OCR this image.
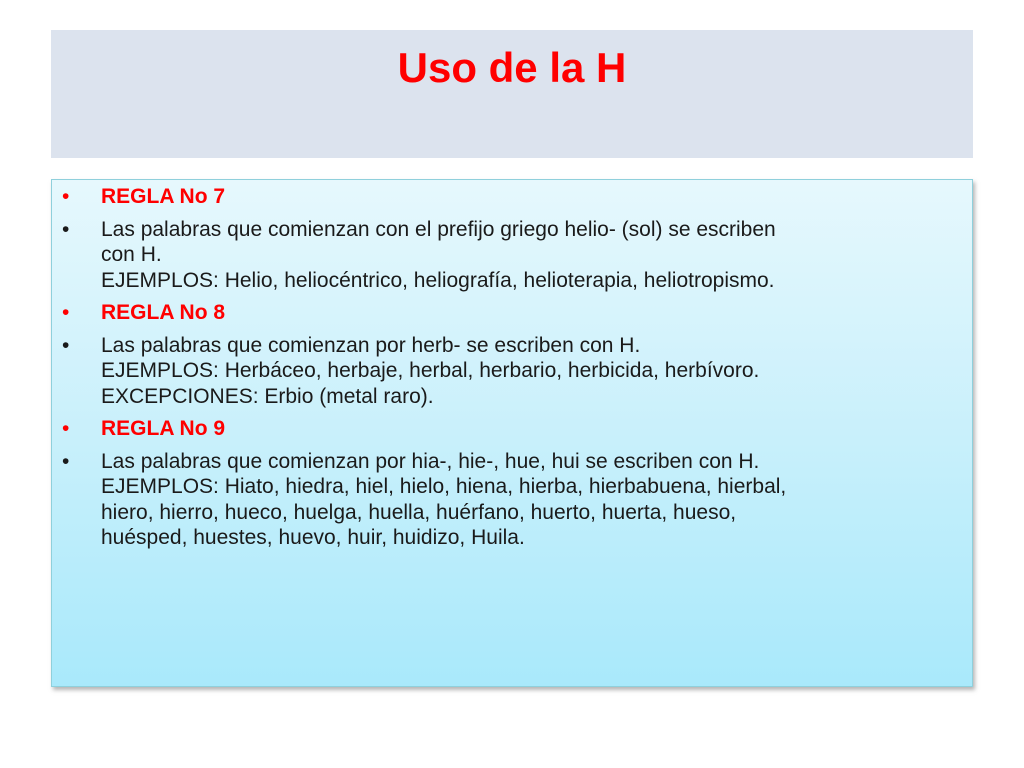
Uso de la H
•	REGLA No 7
•	Las palabras que comienzan con el prefijo griego helio- (sol) se escriben
con H.
EJEMPLOS: Helio, heliocéntrico, heliografía, helioterapia, heliotropismo.
•	REGLA No 8
•	Las palabras que comienzan por herb- se escriben con H.
EJEMPLOS: Herbáceo, herbaje, herbal, herbario, herbicida, herbívoro.
EXCEPCIONES: Erbio (metal raro).
•	REGLA No 9
•	Las palabras que comienzan por hia-, hie-, hue, hui se escriben con H.
EJEMPLOS: Hiato, hiedra, hiel, hielo, hiena, hierba, hierbabuena, hierbal,
hiero, hierro, hueco, huelga, huella, huérfano, huerto, huerta, hueso,
huésped, huestes, huevo, huir, huidizo, Huila.
